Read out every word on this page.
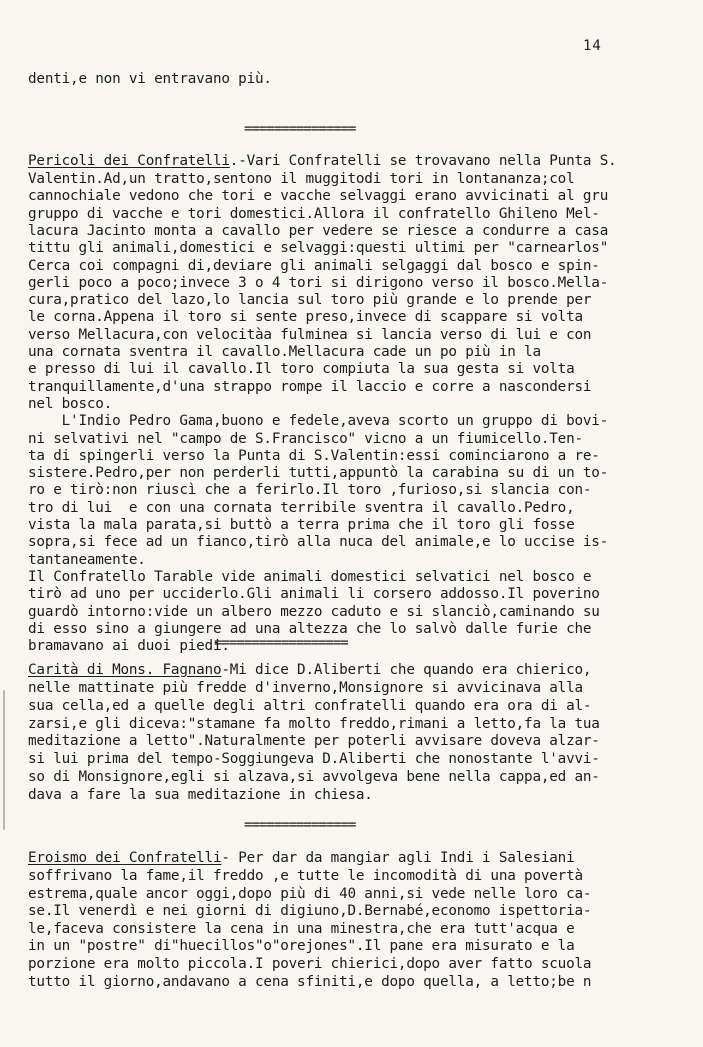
14
denti,e non vi entravano più.
===============
Pericoli dei Confratelli.-Vari Confratelli se trovavano nella Punta S.
Valentin.Ad,un tratto,sentono il muggitodi tori in lontananza;col
cannochiale vedono che tori e vacche selvaggi erano avvicinati al gru
gruppo di vacche e tori domestici.Allora il confratello Ghileno Mel-
lacura Jacinto monta a cavallo per vedere se riesce a condurre a casa
tittu gli animali,domestici e selvaggi:questi ultimi per "carnearlos"
Cerca coi compagni di,deviare gli animali selgaggi dal bosco e spin-
gerli poco a poco;invece 3 o 4 tori si dirigono verso il bosco.Mella-
cura,pratico del lazo,lo lancia sul toro più grande e lo prende per
le corna.Appena il toro si sente preso,invece di scappare si volta
verso Mellacura,con velocitàa fulminea si lancia verso di lui e con
una cornata sventra il cavallo.Mellacura cade un po più in la
e presso di lui il cavallo.Il toro compiuta la sua gesta si volta
tranquillamente,d'una strappo rompe il laccio e corre a nascondersi
nel bosco.
L'Indio Pedro Gama,buono e fedele,aveva scorto un gruppo di bovi-
ni selvativi nel "campo de S.Francisco" vicno a un fiumicello.Ten-
ta di spingerli verso la Punta di S.Valentin:essi cominciarono a re-
sistere.Pedro,per non perderli tutti,appuntò la carabina su di un to-
ro e tirò:non riuscì che a ferirlo.Il toro ,furioso,si slancia con-
tro di lui  e con una cornata terribile sventra il cavallo.Pedro,
vista la mala parata,si buttò a terra prima che il toro gli fosse
sopra,si fece ad un fianco,tirò alla nuca del animale,e lo uccise is-
tantaneamente.
Il Confratello Tarable vide animali domestici selvatici nel bosco e
tirò ad uno per ucciderlo.Gli animali li corsero addosso.Il poverino
guardò intorno:vide un albero mezzo caduto e si slanciò,caminando su
di esso sino a giungere ad una altezza che lo salvò dalle furie che
bramavano ai duoi piedi.
==================
Carità di Mons. Fagnano-Mi dice D.Aliberti che quando era chierico,
nelle mattinate più fredde d'inverno,Monsignore si avvicinava alla
sua cella,ed a quelle degli altri confratelli quando era ora di al-
zarsi,e gli diceva:"stamane fa molto freddo,rimani a letto,fa la tua
meditazione a letto".Naturalmente per poterli avvisare doveva alzar-
si lui prima del tempo-Soggiungeva D.Aliberti che nonostante l'avvi-
so di Monsignore,egli si alzava,si avvolgeva bene nella cappa,ed an-
dava a fare la sua meditazione in chiesa.
===============
Eroismo dei Confratelli- Per dar da mangiar agli Indi i Salesiani
soffrivano la fame,il freddo ,e tutte le incomodità di una povertà
estrema,quale ancor oggi,dopo più di 40 anni,si vede nelle loro ca-
se.Il venerdì e nei giorni di digiuno,D.Bernabé,economo ispettoria-
le,faceva consistere la cena in una minestra,che era tutt'acqua e
in un "postre" di"huecillos"o"orejones".Il pane era misurato e la
porzione era molto piccola.I poveri chierici,dopo aver fatto scuola
tutto il giorno,andavano a cena sfiniti,e dopo quella, a letto;be n
